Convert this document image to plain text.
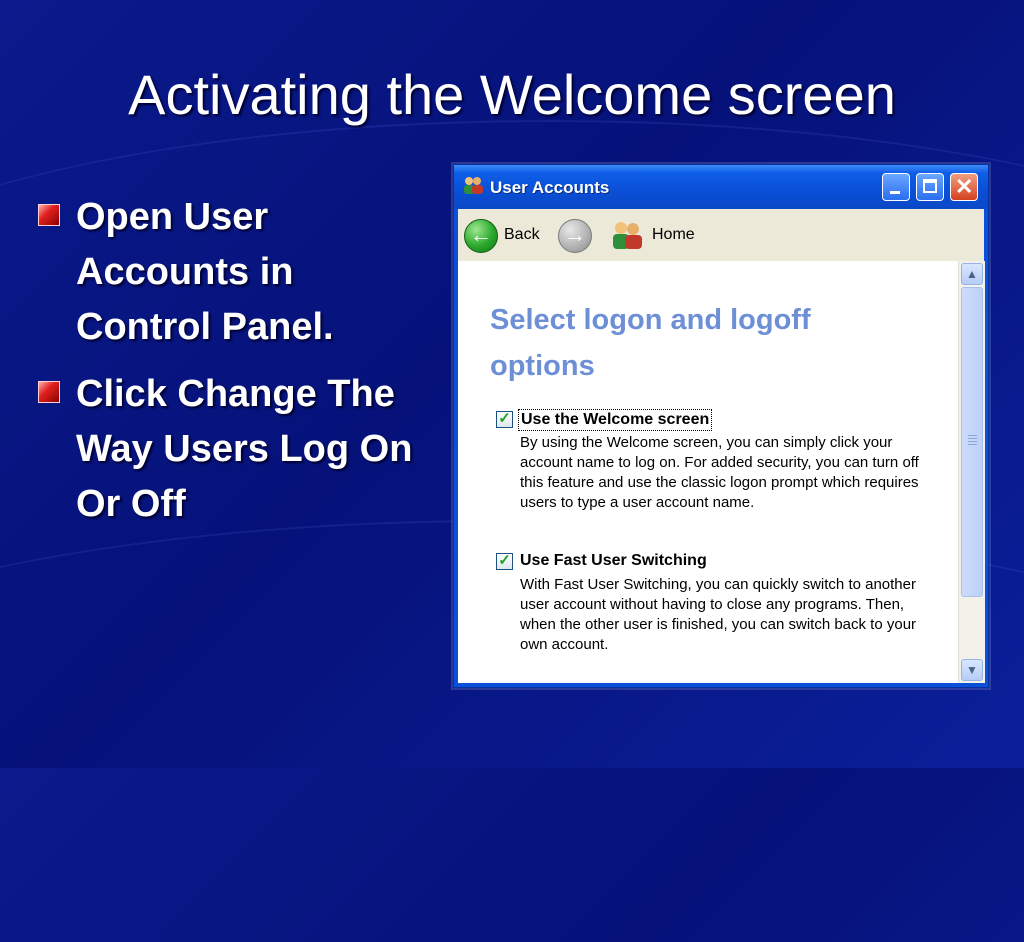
Activating the Welcome screen
Open User Accounts in Control Panel.
Click Change The Way Users Log On Or Off
User Accounts	✕
← Back →	Home
Select logon and logoff
options
✓ Use the Welcome screen
By using the Welcome screen, you can simply click your account name to log on. For added security, you can turn off this feature and use the classic logon prompt which requires users to type a user account name.
✓ Use Fast User Switching
With Fast User Switching, you can quickly switch to another user account without having to close any programs. Then, when the other user is finished, you can switch back to your own account.
▲
▼
